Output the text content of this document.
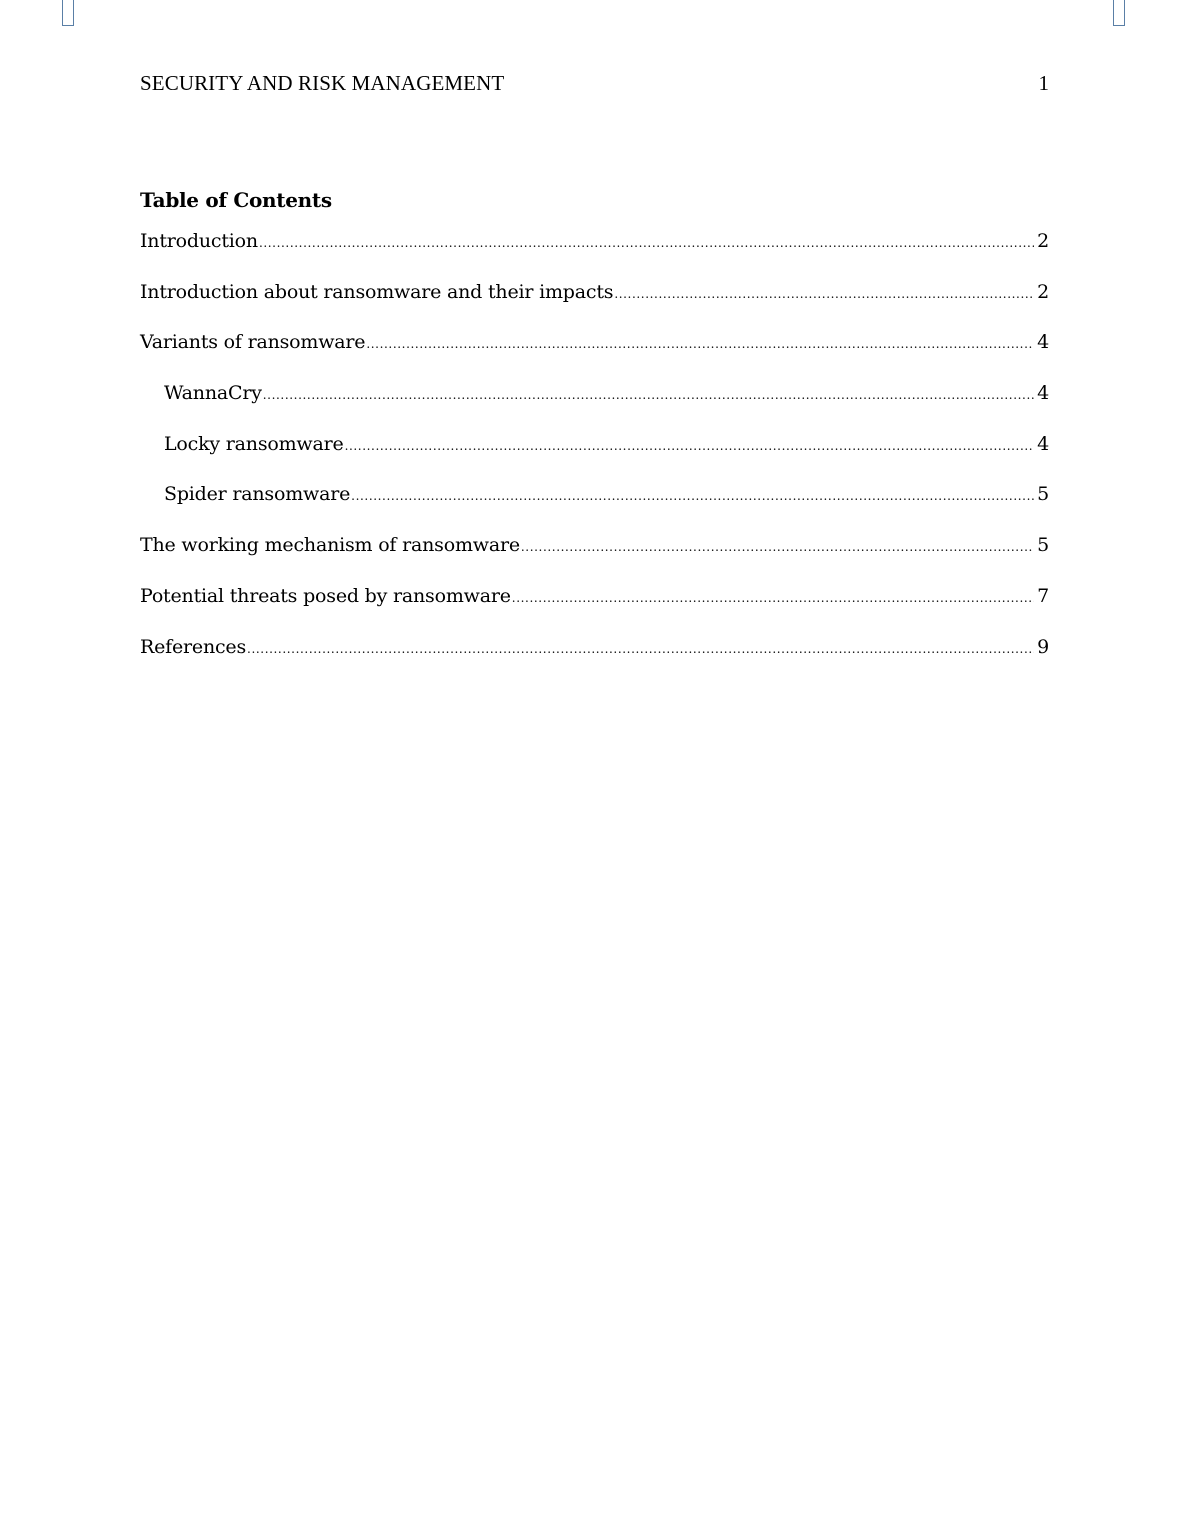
SECURITY AND RISK MANAGEMENT	1
Table of Contents
Introduction .....	2
Introduction about ransomware and their impacts .....	2
Variants of ransomware .....	4
WannaCry .....	4
Locky ransomware .....	4
Spider ransomware .....	5
The working mechanism of ransomware .....	5
Potential threats posed by ransomware .....	7
References .....	9
